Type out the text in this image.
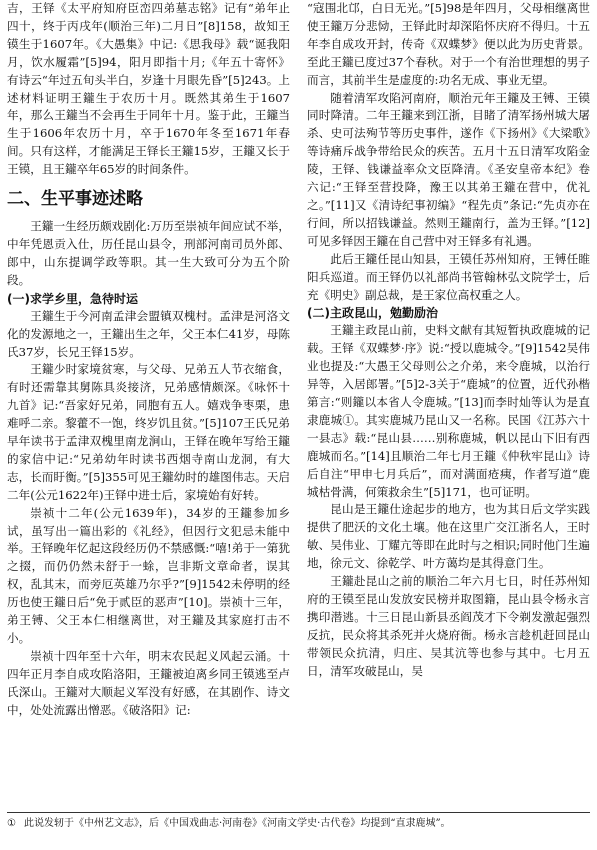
吉，王铎《太平府知府臣峦四弟墓志铭》记有“弟年止四十，终于丙戌年(顺治三年)二月日”[8]158，故知王镆生于1607年。《大愚集》中记:《思我母》载“诞我阳月，饮水履霜”[5]94，阳月即指十月;《年五十寄怀》有诗云“年过五旬头半白，岁逢十月眼先昏”[5]243。上述材料证明王鑨生于农历十月。既然其弟生于1607年，那么王鑨当不会再生于同年十月。鉴于此，王鑨当生于1606年农历十月，卒于1670年冬至1671年春间。只有这样，才能满足王铎长王鑨15岁，王鑨又长于王镆，且王鑨卒年65岁的时间条件。

二、生平事迹述略

王鑨一生经历颇戏剧化:万历至崇祯年间应试不举，中年凭恩贡入仕，历任昆山县令，刑部河南司员外郎、郎中，山东提调学政等职。其一生大致可分为五个阶段。

(一)求学乡里，急待时运

王鑨生于今河南孟津会盟镇双槐村。孟津是河洛文化的发源地之一，王鑨出生之年，父王本仁41岁，母陈氏37岁，长兄王铎15岁。

王鑨少时家境贫寒，与父母、兄弟五人节衣缩食，有时还需靠其舅陈具炎接济，兄弟感情颇深。《咏怀十九首》记:“吾家好兄弟，同胞有五人。嬉戏争枣栗，患难呼二亲。黎藿不一饱，终岁饥且贫。”[5]107王氏兄弟早年读书于孟津双槐里南龙涧山，王铎在晚年写给王鑨的家信中记:“兄弟幼年时读书西烟寺南山龙洞，有大志，长而盱衡。”[5]355可见王鑨幼时的雄图伟志。天启二年(公元1622年)王铎中进士后，家境始有好转。

崇祯十二年(公元1639年)，34岁的王鑨参加乡试，虽写出一篇出彩的《礼经》，但因行文犯忌未能中举。王铎晚年忆起这段经历仍不禁感慨:“嘻!弟于一第犹之掇，而仍仍然未舒于一蜍，岂非斯文章命者，误其权，乱其末，而旁厄英雄乃尔乎?”[9]1542未停明的经历也使王鑨日后“免于贰臣的恶声”[10]。崇祯十三年，弟王镈、父王本仁相继离世，对王鑨及其家庭打击不小。

崇祯十四年至十六年，明末农民起义风起云涌。十四年正月李自成攻陷洛阳，王鑨被迫离乡同王镆逃至卢氏深山。王鑨对大顺起义军没有好感，在其剧作、诗文中，处处流露出憎恶。《破洛阳》记:

“寇围北邙，白日无光。”[5]98是年四月，父母相继离世使王鑨万分悲恸，王铎此时却深陷怀庆府不得归。十五年李自成攻开封，传奇《双蝶梦》便以此为历史背景。至此王鑨已度过37个春秋。对于一个有治世理想的男子而言，其前半生是虚度的:功名无成、事业无望。

随着清军攻陷河南府，顺治元年王鑨及王镈、王镆同时降清。二年王鑨来到江浙，目睹了清军扬州城大屠杀、史可法殉节等历史事件，遂作《下扬州》《大梁歌》等诗痛斥战争带给民众的疾苦。五月十五日清军攻陷金陵，王铎、钱谦益率众文臣降清。《圣安皇帝本纪》卷六记:“王铎至营投降，豫王以其弟王鑨在营中，优礼之。”[11]又《清诗纪事初编》“程先贞”条记:“先贞亦在行间，所以招钱谦益。然则王鑨南行，盖为王铎。”[12]可见多铎因王鑨在自己营中对王铎多有礼遇。

此后王鑨任昆山知县，王镆任苏州知府，王镈任睢阳兵巡道。而王铎仍以礼部尚书管翰林弘文院学士，后充《明史》副总裁，是王家位高权重之人。

(二)主政昆山，勉勤励治

王鑨主政昆山前，史料文献有其短暂执政鹿城的记载。王铎《双蝶梦·序》说:“授以鹿城令。”[9]1542吴伟业也提及:“大愚王父母则公之介弟，来令鹿城，以治行异等，入居郎署。”[5]2-3关于“鹿城”的位置，近代孙楷第言:“则鑨以本省人令鹿城。”[13]而李时灿等认为是直隶鹿城①。其实鹿城乃昆山又一名称。民国《江苏六十一县志》载:“昆山县……别称鹿城，帆以昆山下旧有西鹿城而名。”[14]且顺治二年七月王鑨《仲秋牢昆山》诗后自注“甲申七月兵后”，而对满面疮痍，作者写道“鹿城枯骨满，何策救余生”[5]171，也可证明。

昆山是王鑨仕途起步的地方，也为其日后文学实践提供了肥沃的文化土壤。他在这里广交江浙名人，王时敏、吴伟业、丁耀亢等即在此时与之相识;同时他门生遍地，徐元文、徐乾学、叶方蔼均是其得意门生。

王鑨赴昆山之前的顺治二年六月七日，时任苏州知府的王镆至昆山发放安民榜并取图籍，昆山县令杨永言携印潜逃。十三日昆山新县丞阎茂才下令剃发激起强烈反抗，民众将其杀死并火烧府衙。杨永言趁机赶回昆山带领民众抗清，归庄、吴其沆等也参与其中。七月五日，清军攻破昆山，吴

① 此说发轫于《中州艺文志》，后《中国戏曲志·河南卷》《河南文学史·古代卷》均提到“直隶鹿城”。
